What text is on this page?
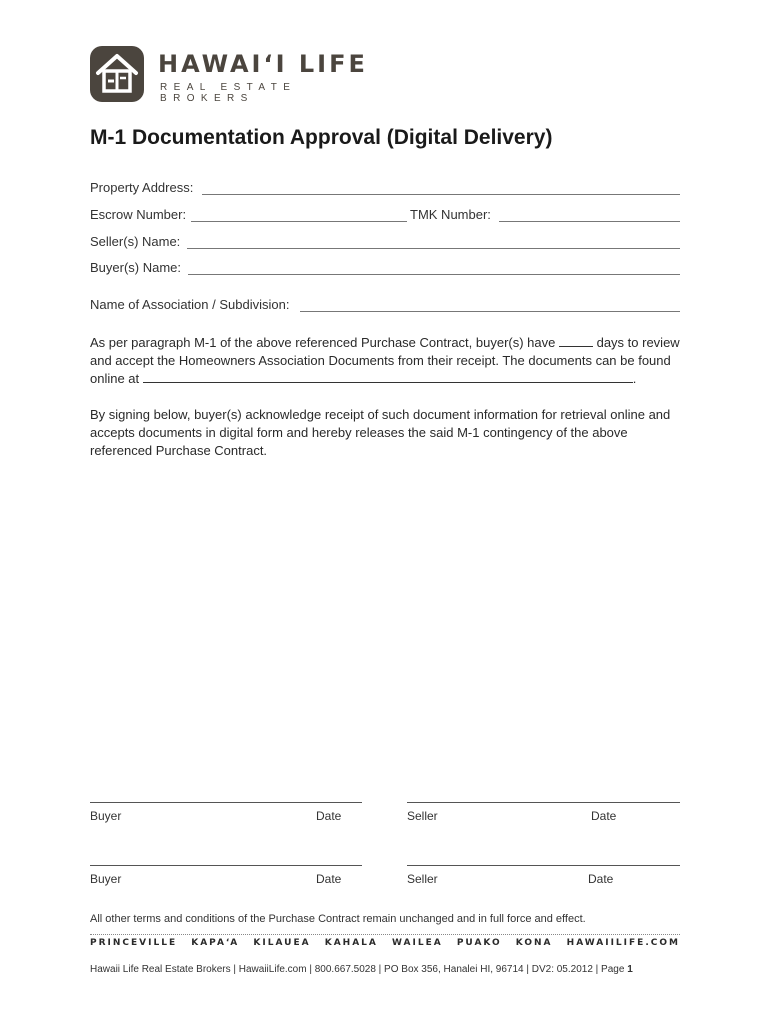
HAWAI‘I LIFE
REAL ESTATE BROKERS
M-1 Documentation Approval (Digital Delivery)
Property Address:
Escrow Number:	TMK Number:
Seller(s) Name:
Buyer(s) Name:
Name of Association / Subdivision:
As per paragraph M-1 of the above referenced Purchase Contract, buyer(s) have	days to review and accept the Homeowners Association Documents from their receipt. The documents can be found online at	.
By signing below, buyer(s) acknowledge receipt of such document information for retrieval online and accepts documents in digital form and hereby releases the said M-1 contingency of the above referenced Purchase Contract.
Buyer	Date	Seller	Date
Buyer	Date	Seller	Date
All other terms and conditions of the Purchase Contract remain unchanged and in full force and effect.
PRINCEVILLE KAPA‘A KILAUEA KAHALA WAILEA PUAKO KONA HAWAIILIFE.COM
Hawaii Life Real Estate Brokers | HawaiiLife.com | 800.667.5028 | PO Box 356, Hanalei HI, 96714 | DV2: 05.2012 | Page 1
